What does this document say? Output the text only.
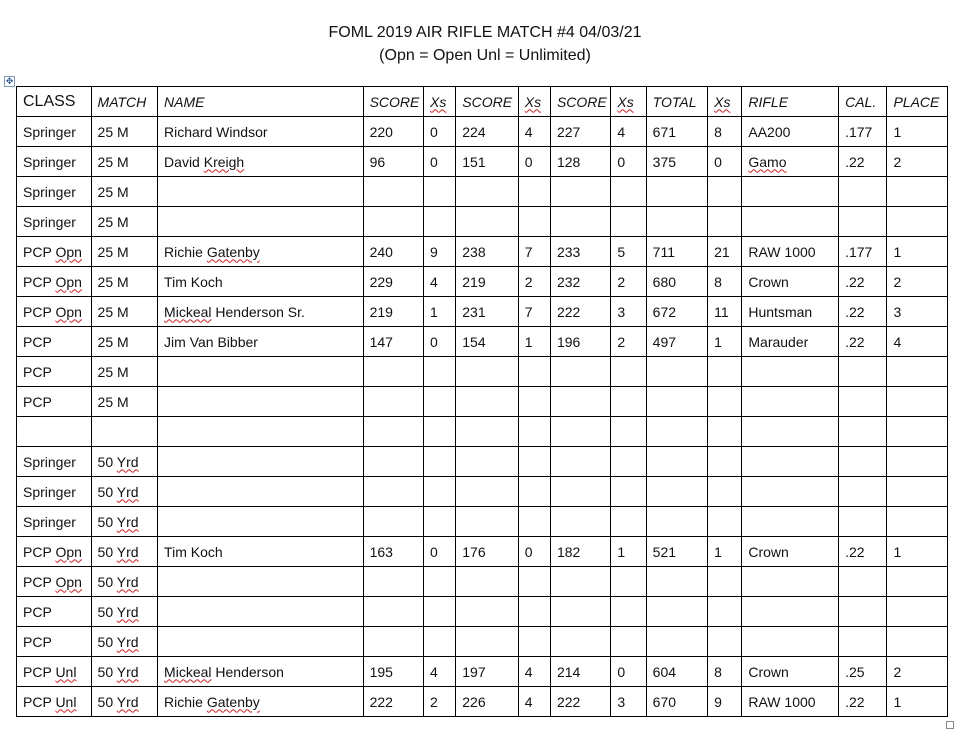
FOML 2019 AIR RIFLE MATCH #4 04/03/21
(Opn = Open Unl = Unlimited)
✥
CLASS	MATCH	NAME	SCORE	Xs	SCORE	Xs	SCORE	Xs	TOTAL	Xs	RIFLE	CAL.	PLACE
Springer	25 M	Richard Windsor	220	0	224	4	227	4	671	8	AA200	.177	1
Springer	25 M	David Kreigh	96	0	151	0	128	0	375	0	Gamo	.22	2
Springer	25 M												
Springer	25 M												
PCP Opn	25 M	Richie Gatenby	240	9	238	7	233	5	711	21	RAW 1000	.177	1
PCP Opn	25 M	Tim Koch	229	4	219	2	232	2	680	8	Crown	.22	2
PCP Opn	25 M	Mickeal Henderson Sr.	219	1	231	7	222	3	672	11	Huntsman	.22	3
PCP	25 M	Jim Van Bibber	147	0	154	1	196	2	497	1	Marauder	.22	4
PCP	25 M												
PCP	25 M												

Springer	50 Yrd												
Springer	50 Yrd												
Springer	50 Yrd												
PCP Opn	50 Yrd	Tim Koch	163	0	176	0	182	1	521	1	Crown	.22	1
PCP Opn	50 Yrd												
PCP	50 Yrd												
PCP	50 Yrd												
PCP Unl	50 Yrd	Mickeal Henderson	195	4	197	4	214	0	604	8	Crown	.25	2
PCP Unl	50 Yrd	Richie Gatenby	222	2	226	4	222	3	670	9	RAW 1000	.22	1
